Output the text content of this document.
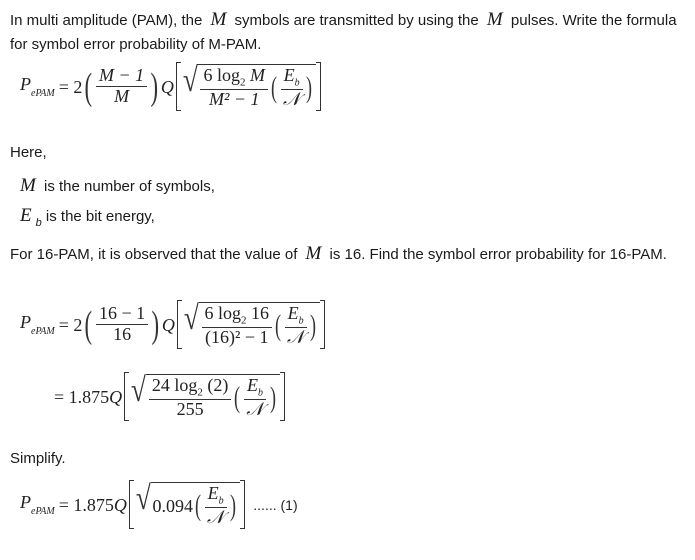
In multi amplitude (PAM), the M symbols are transmitted by using the M pulses. Write the formula for symbol error probability of M-PAM.

$P_{ePAM} = 2$ ( $\frac{M - 1}{M}$ ) Q √ $\frac{6 \log_2 M}{\text{M² − 1}}$ ( $\frac{E_b}{\text{𝒩}}$ )

Here,

M is the number of symbols,

E $_b$ is the bit energy,

For 16-PAM, it is observed that the value of M is 16. Find the symbol error probability for 16-PAM.

$P_{ePAM} = 2$ ( $\frac{16 - 1}{16}$ ) Q √ $\frac{6 \log_2 16}{\text{(16)² − 1}}$ ( $\frac{E_b}{\text{𝒩}}$ )
= 1.875 Q √ $\frac{24 \log_2 (2)}{255}$ ( $\frac{E_b}{\text{𝒩}}$ )

Simplify.

$P_{ePAM} = 1.875$ Q √ 0.094 ( $\frac{E_b}{\text{𝒩}}$ ) ...... (1)
